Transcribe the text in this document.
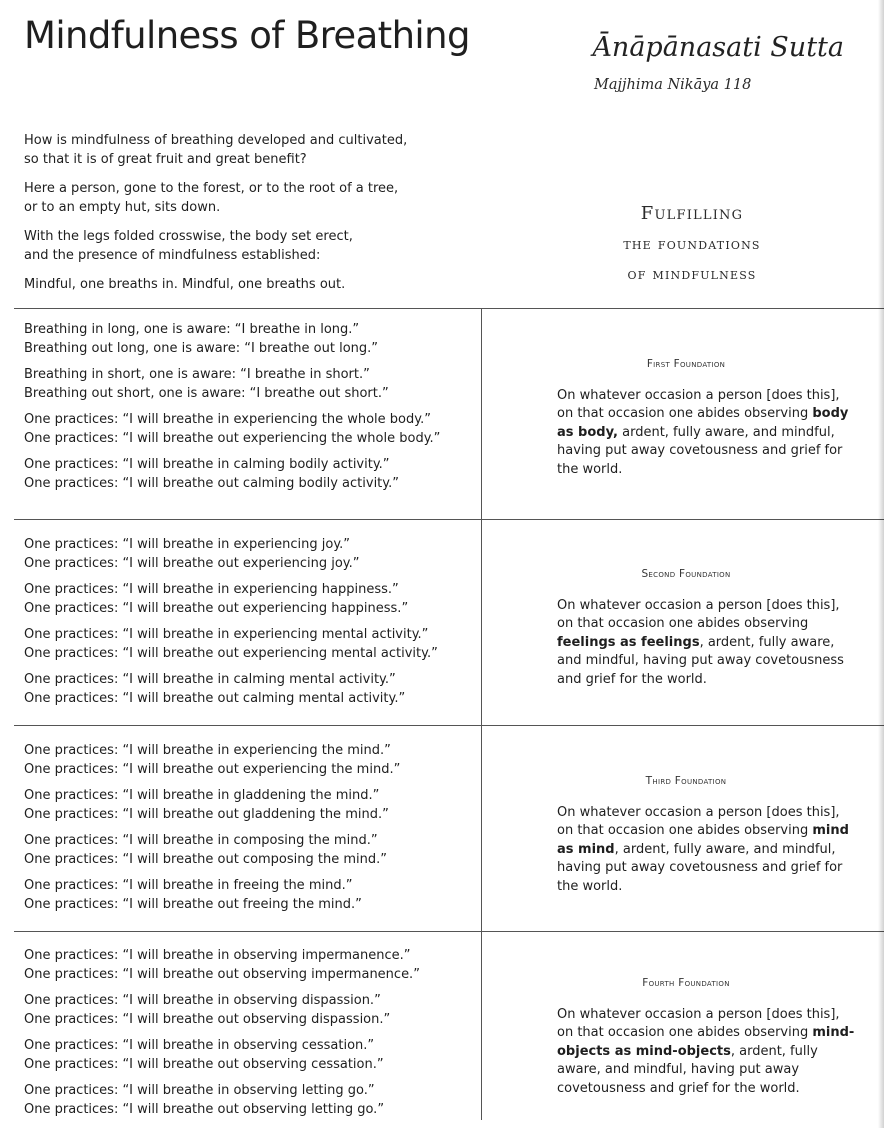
Mindfulness of Breathing	Ānāpānasati Sutta
Majjhima Nikāya 118

How is mindfulness of breathing developed and cultivated,
so that it is of great fruit and great benefit?

Here a person, gone to the forest, or to the root of a tree,
or to an empty hut, sits down.

With the legs folded crosswise, the body set erect,
and the presence of mindfulness established:

Mindful, one breaths in. Mindful, one breaths out.

Fulfilling
the foundations
of mindfulness
Breathing in long, one is aware: “I breathe in long.”
Breathing out long, one is aware: “I breathe out long.”
Breathing in short, one is aware: “I breathe in short.”
Breathing out short, one is aware: “I breathe out short.”
One practices: “I will breathe in experiencing the whole body.”
One practices: “I will breathe out experiencing the whole body.”
One practices: “I will breathe in calming bodily activity.”
One practices: “I will breathe out calming bodily activity.”
First Foundation

On whatever occasion a person [does this], on that occasion one abides observing body as body, ardent, fully aware, and mindful, having put away covetousness and grief for the world.

One practices: “I will breathe in experiencing joy.”
One practices: “I will breathe out experiencing joy.”
One practices: “I will breathe in experiencing happiness.”
One practices: “I will breathe out experiencing happiness.”
One practices: “I will breathe in experiencing mental activity.”
One practices: “I will breathe out experiencing mental activity.”
One practices: “I will breathe in calming mental activity.”
One practices: “I will breathe out calming mental activity.”
Second Foundation

On whatever occasion a person [does this], on that occasion one abides observing feelings as feelings, ardent, fully aware, and mindful, having put away covetousness and grief for the world.

One practices: “I will breathe in experiencing the mind.”
One practices: “I will breathe out experiencing the mind.”
One practices: “I will breathe in gladdening the mind.”
One practices: “I will breathe out gladdening the mind.”
One practices: “I will breathe in composing the mind.”
One practices: “I will breathe out composing the mind.”
One practices: “I will breathe in freeing the mind.”
One practices: “I will breathe out freeing the mind.”
Third Foundation

On whatever occasion a person [does this], on that occasion one abides observing mind as mind, ardent, fully aware, and mindful, having put away covetousness and grief for the world.

One practices: “I will breathe in observing impermanence.”
One practices: “I will breathe out observing impermanence.”
One practices: “I will breathe in observing dispassion.”
One practices: “I will breathe out observing dispassion.”
One practices: “I will breathe in observing cessation.”
One practices: “I will breathe out observing cessation.”
One practices: “I will breathe in observing letting go.”
One practices: “I will breathe out observing letting go.”
Fourth Foundation

On whatever occasion a person [does this], on that occasion one abides observing mind-objects as mind-objects, ardent, fully aware, and mindful, having put away covetousness and grief for the world.
